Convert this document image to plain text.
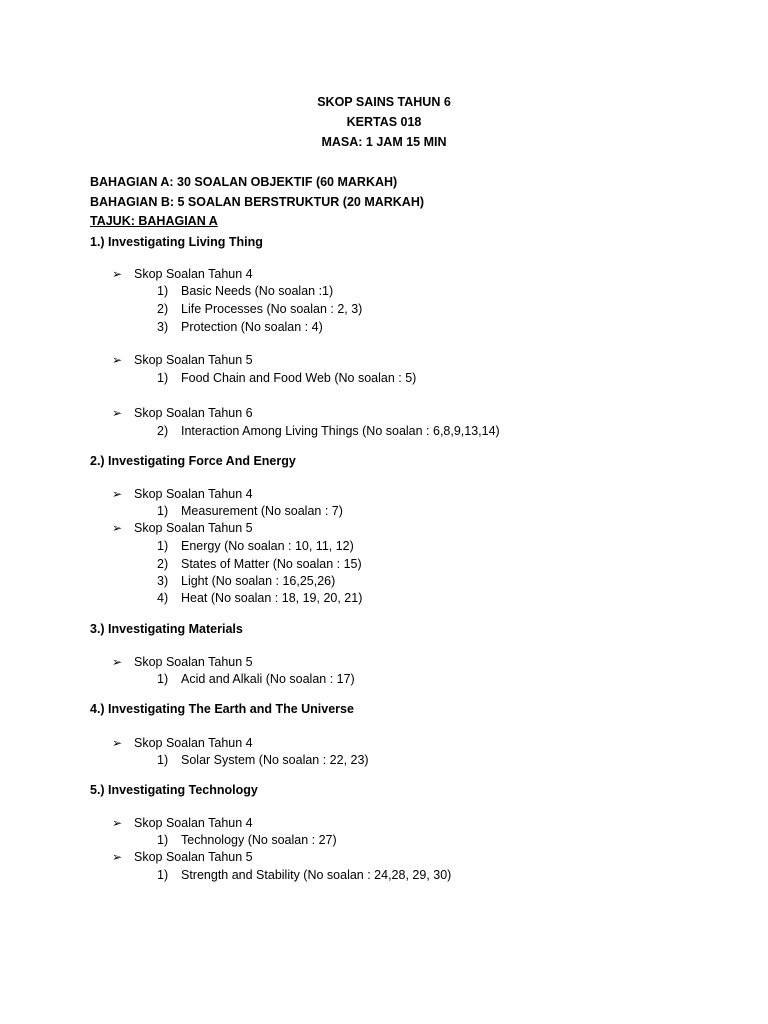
SKOP SAINS TAHUN 6
KERTAS 018
MASA: 1 JAM 15 MIN
BAHAGIAN A: 30 SOALAN OBJEKTIF (60 MARKAH)
BAHAGIAN B: 5 SOALAN BERSTRUKTUR (20 MARKAH)
TAJUK: BAHAGIAN A
1.) Investigating Living Thing
➢ Skop Soalan Tahun 4
1) Basic Needs (No soalan :1)
2) Life Processes (No soalan : 2, 3)
3) Protection (No soalan : 4)
➢ Skop Soalan Tahun 5
1) Food Chain and Food Web (No soalan : 5)
➢ Skop Soalan Tahun 6
2) Interaction Among Living Things (No soalan : 6,8,9,13,14)
2.) Investigating Force And Energy
➢ Skop Soalan Tahun 4
1) Measurement (No soalan : 7)
➢ Skop Soalan Tahun 5
1) Energy (No soalan : 10, 11, 12)
2) States of Matter (No soalan : 15)
3) Light (No soalan : 16,25,26)
4) Heat (No soalan : 18, 19, 20, 21)
3.) Investigating Materials
➢ Skop Soalan Tahun 5
1) Acid and Alkali (No soalan : 17)
4.) Investigating The Earth and The Universe
➢ Skop Soalan Tahun 4
1) Solar System (No soalan : 22, 23)
5.) Investigating Technology
➢ Skop Soalan Tahun 4
1) Technology (No soalan : 27)
➢ Skop Soalan Tahun 5
1) Strength and Stability (No soalan : 24,28, 29, 30)
